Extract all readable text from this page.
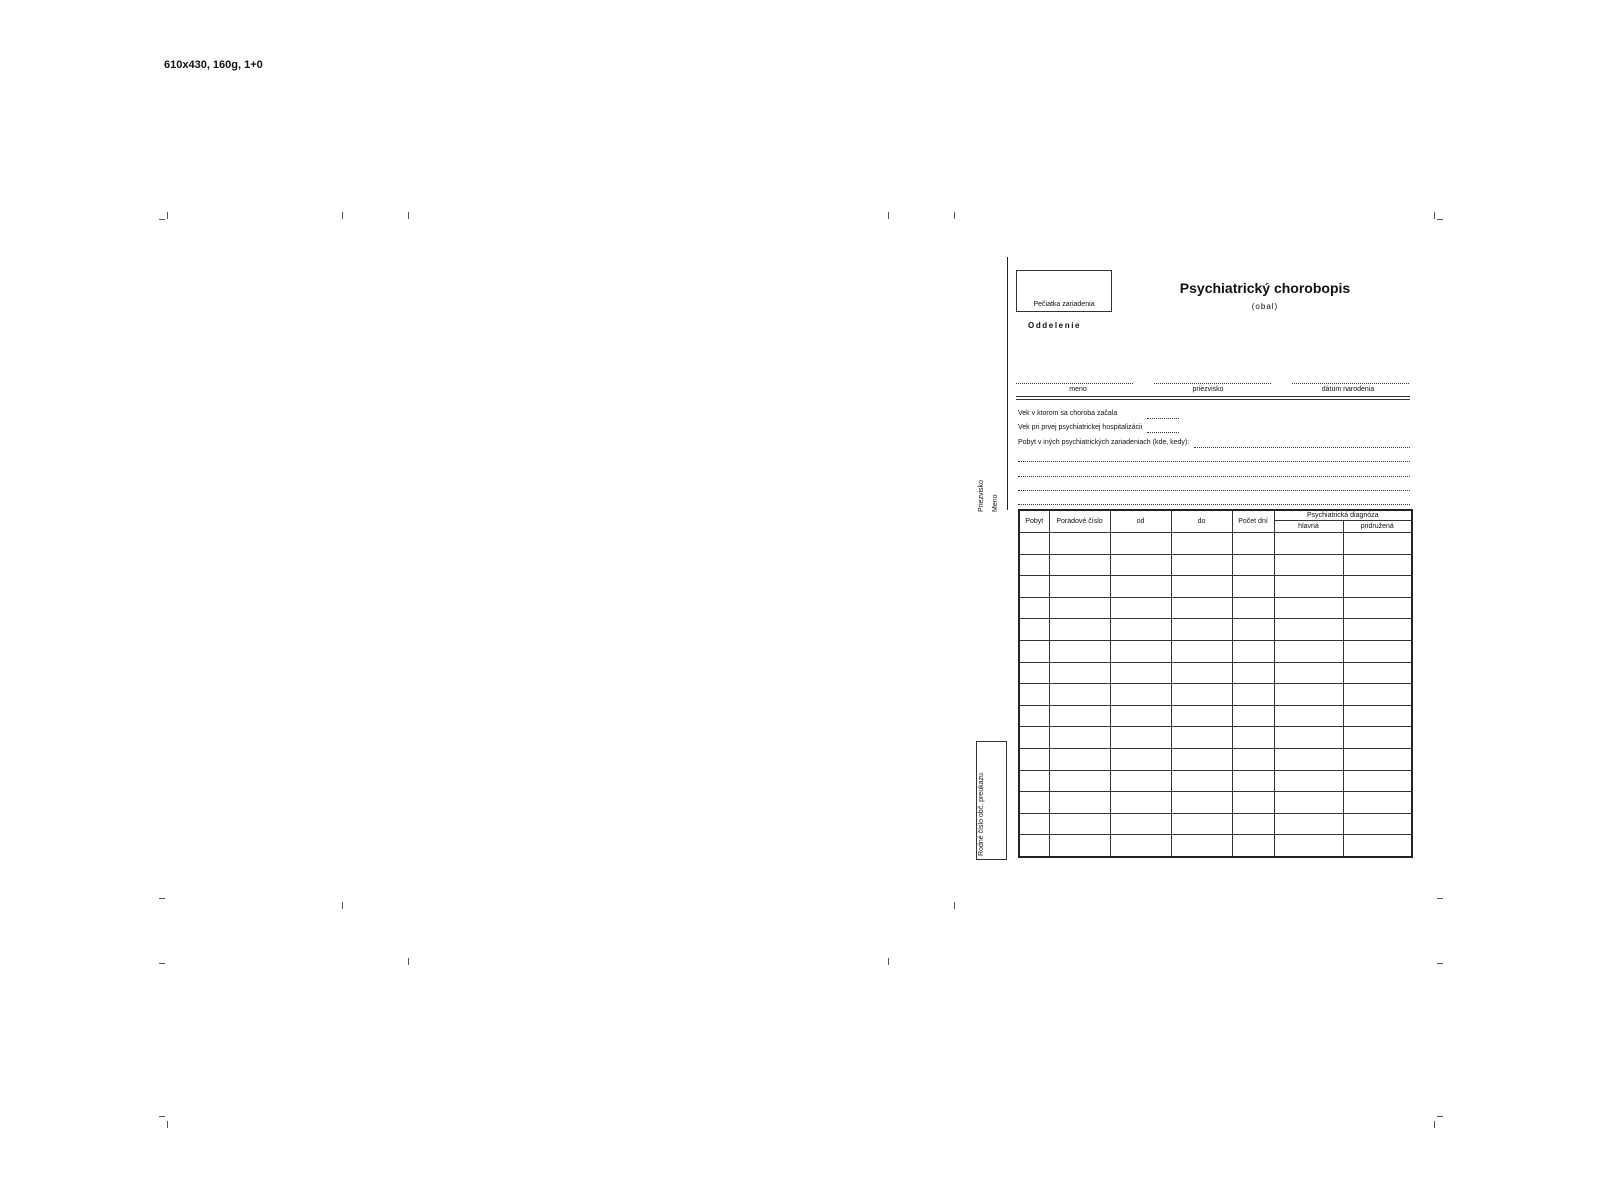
610x430, 160g, 1+0
Priezvisko Meno
Rodné číslo obč. preukazu
Pečiatka zariadenia
Psychiatrický chorobopis
(obal)
Oddelenie
meno	priezvisko	dátum narodenia
Vek v ktorom sa choroba začala
Vek pri prvej psychiatrickej hospitalizácii
Pobyt v iných psychiatrických zariadeniach (kde, kedy):
Pobyt	Poradové číslo	od	do	Počet dní	Psychiatrická diagnóza	
					hlavná	pridružená
